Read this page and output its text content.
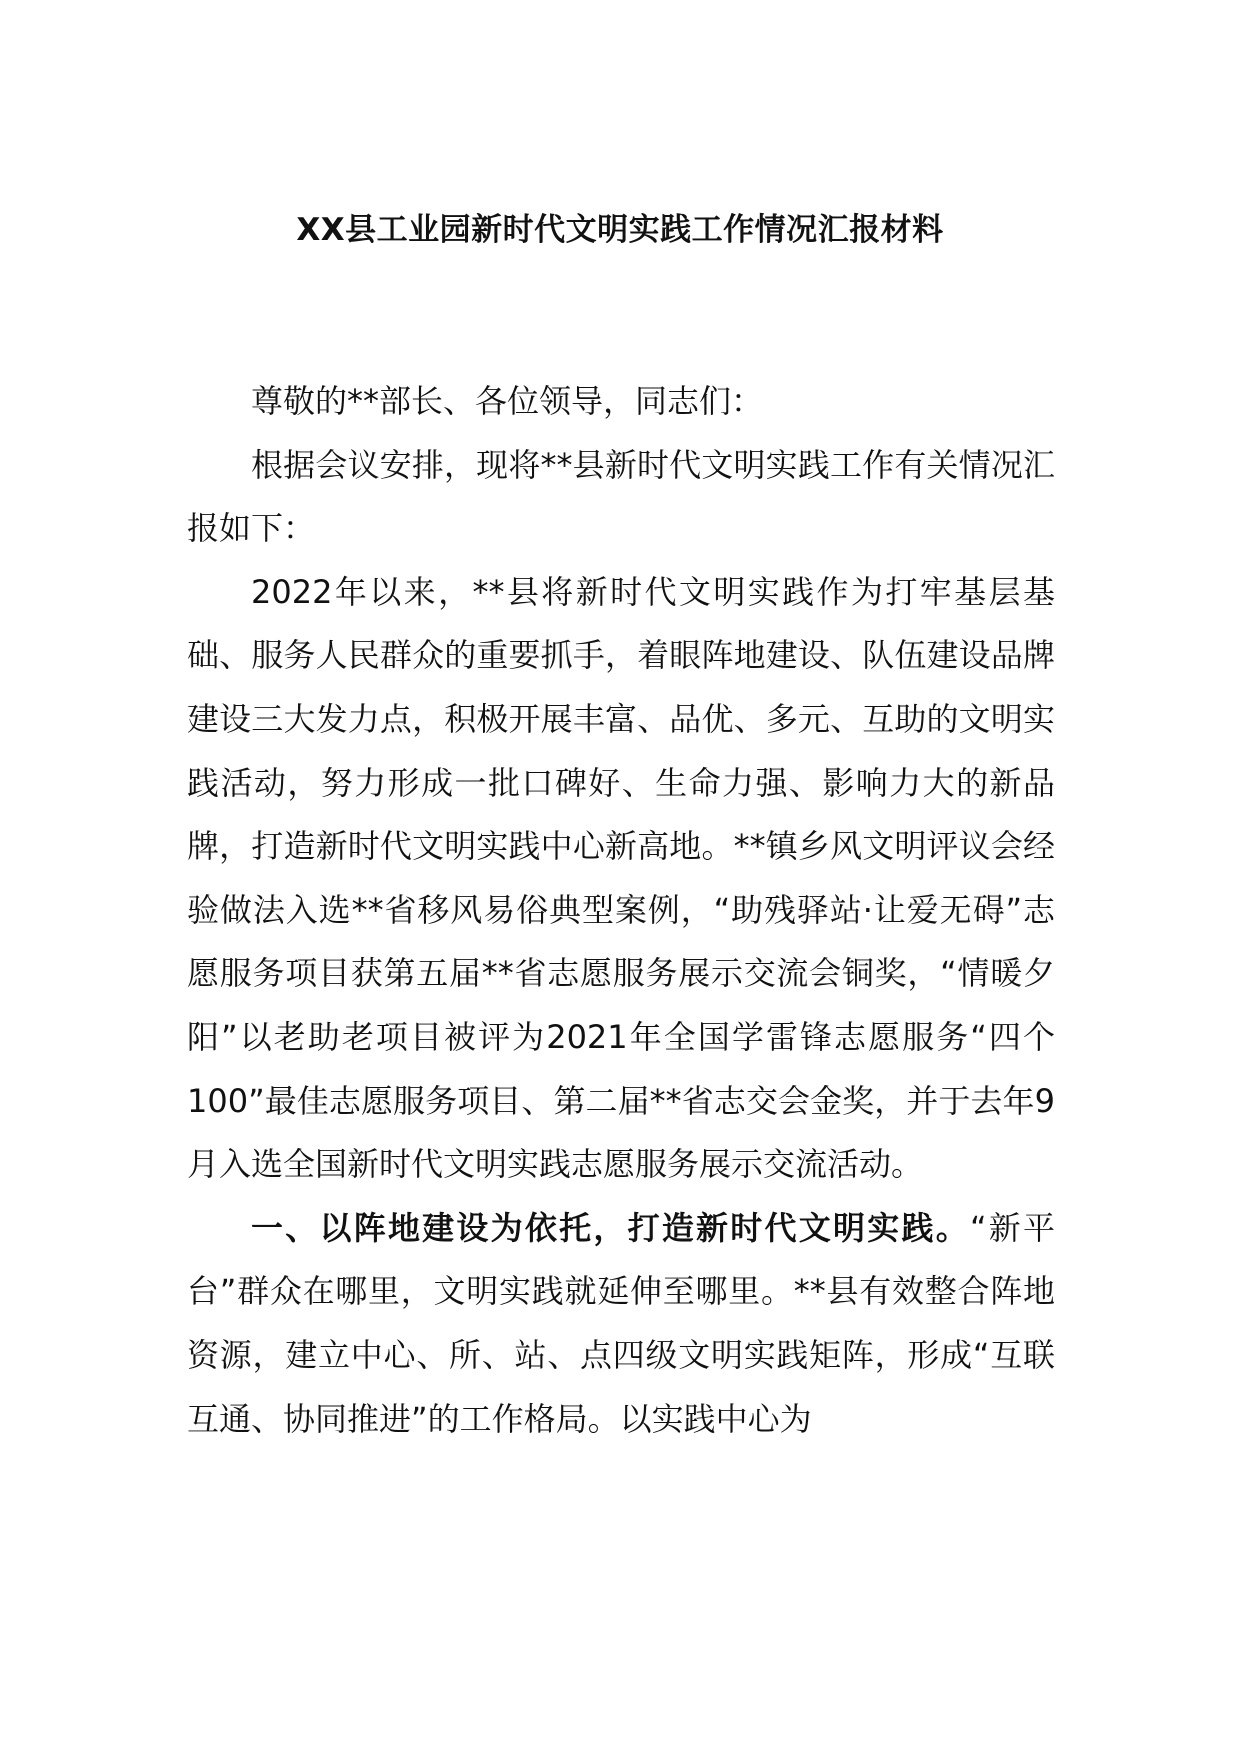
XX县工业园新时代文明实践工作情况汇报材料

尊敬的**部长、各位领导，同志们：

根据会议安排，现将**县新时代文明实践工作有关情况汇报如下：

2022年以来，**县将新时代文明实践作为打牢基层基础、服务人民群众的重要抓手，着眼阵地建设、队伍建设品牌建设三大发力点，积极开展丰富、品优、多元、互助的文明实践活动，努力形成一批口碑好、生命力强、影响力大的新品牌，打造新时代文明实践中心新高地。**镇乡风文明评议会经验做法入选**省移风易俗典型案例，“助残驿站·让爱无碍”志愿服务项目获第五届**省志愿服务展示交流会铜奖，“情暖夕阳”以老助老项目被评为2021年全国学雷锋志愿服务“四个100”最佳志愿服务项目、第二届**省志交会金奖，并于去年9月入选全国新时代文明实践志愿服务展示交流活动。

一、以阵地建设为依托，打造新时代文明实践。“新平台”群众在哪里，文明实践就延伸至哪里。**县有效整合阵地资源，建立中心、所、站、点四级文明实践矩阵，形成“互联互通、协同推进”的工作格局。以实践中心为
